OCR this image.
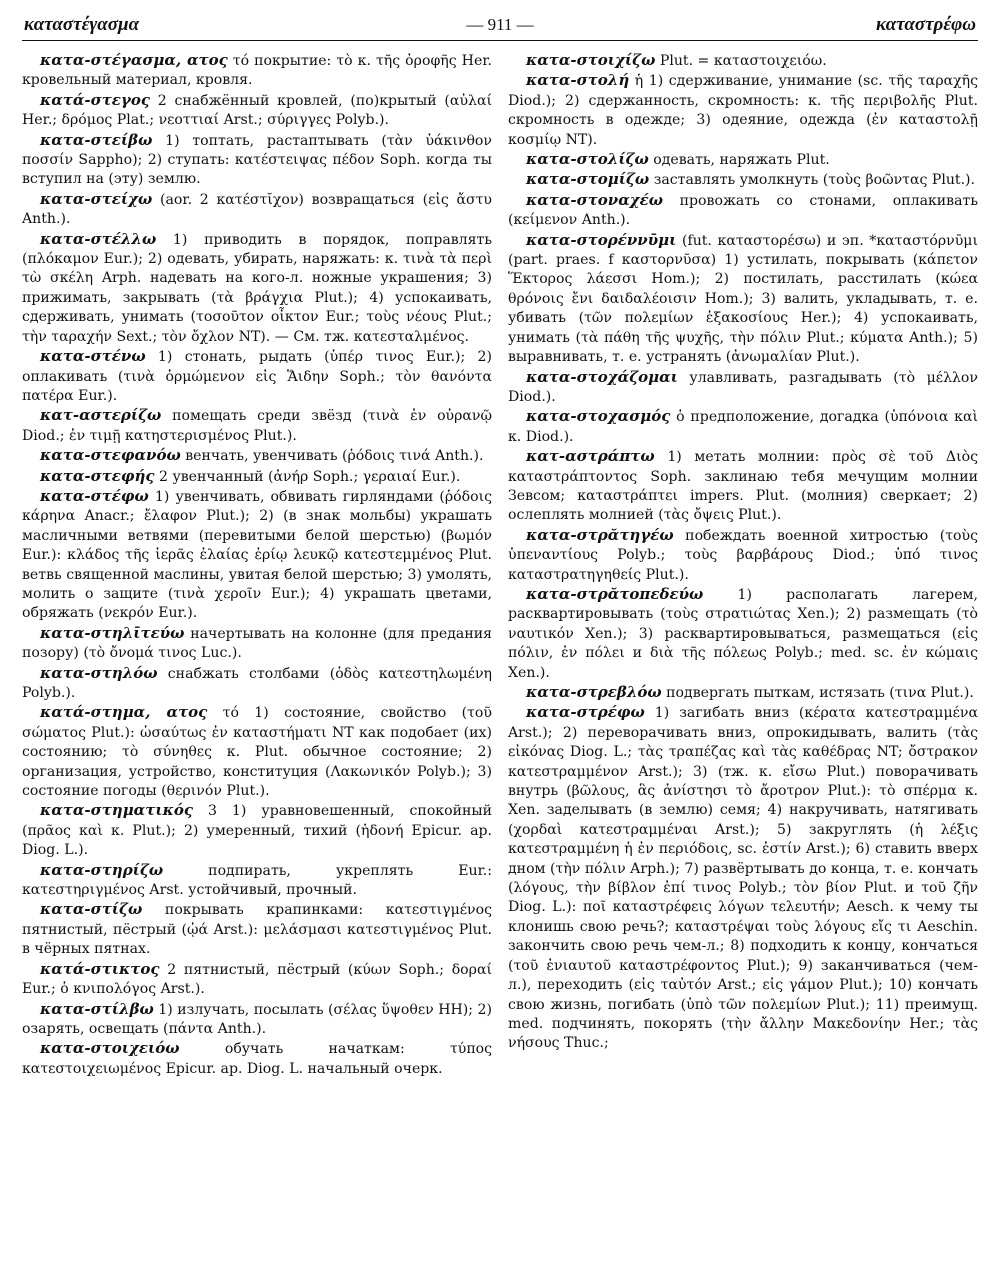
καταστέγασμα	— 911 —	καταστρέφω

κατα-στέγασμα, ατος τό покрытие: τὸ κ. τῆς ὀροφῆς Her. кровельный материал, кровля.

κατά-στεγος 2 снабжённый кровлей, (по)крытый (αὐλαί Her.; δρόμος Plat.; νεοττιαί Arst.; σύριγγες Polyb.).

κατα-στείβω 1) топтать, растаптывать (τὰν ὑάκινθον ποσσίν Sappho); 2) ступать: κατέστειψας πέδον Soph. когда ты вступил на (эту) землю.

κατα-στείχω (aor. 2 κατέστῐχον) возвращаться (εἰς ἄστυ Anth.).

κατα-στέλλω 1) приводить в порядок, поправлять (πλόκαμον Eur.); 2) одевать, убирать, наряжать: κ. τινὰ τὰ περὶ τὼ σκέλη Arph. надевать на кого-л. ножные украшения; 3) прижимать, закрывать (τὰ βράγχια Plut.); 4) успокаивать, сдерживать, унимать (τοσοῦτον οἶκτον Eur.; τοὺς νέους Plut.; τὴν ταραχήν Sext.; τὸν ὄχλον NT). — См. тж. κατεσταλμένος.

κατα-στένω 1) стонать, рыдать (ὑπέρ τινος Eur.); 2) оплакивать (τινὰ ὁρμώμενον εἰς Ἅιδην Soph.; τὸν θανόντα πατέρα Eur.).

κατ-αστερίζω помещать среди звёзд (τινὰ ἐν οὐρανῷ Diod.; ἐν τιμῇ κατηστερισμένος Plut.).

κατα-στεφανόω венчать, увенчивать (ῥόδοις τινά Anth.).

κατα-στεφής 2 увенчанный (ἀνήρ Soph.; γεραιαί Eur.).

κατα-στέφω 1) увенчивать, обвивать гирляндами (ῥόδοις κάρηνα Anacr.; ἔλαφον Plut.); 2) (в знак мольбы) украшать масличными ветвями (перевитыми белой шерстью) (βωμόν Eur.): κλάδος τῆς ἱερᾶς ἐλαίας ἐρίῳ λευκῷ κατεστεμμένος Plut. ветвь священной маслины, увитая белой шерстью; 3) умолять, молить о защите (τινὰ χεροῖν Eur.); 4) украшать цветами, обряжать (νεκρόν Eur.).

κατα-στηλῑτεύω начертывать на колонне (для предания позору) (τὸ ὄνομά τινος Luc.).

κατα-στηλόω снабжать столбами (ὁδὸς κατεστηλωμένη Polyb.).

κατά-στημα, ατος τό 1) состояние, свойство (τοῦ σώματος Plut.): ὡσαύτως ἐν καταστήματι NT как подобает (их) состоянию; τὸ σύνηθες κ. Plut. обычное состояние; 2) организация, устройство, конституция (Λακωνικόν Polyb.); 3) состояние погоды (θερινόν Plut.).

κατα-στηματικός 3 1) уравновешенный, спокойный (πρᾶος καὶ κ. Plut.); 2) умеренный, тихий (ἡδονή Epicur. ap. Diog. L.).

κατα-στηρίζω подпирать, укреплять Eur.: κατεστηριγμένος Arst. устойчивый, прочный.

κατα-στίζω покрывать крапинками: κατεστιγμένος пятнистый, пёстрый (ᾠά Arst.): μελάσμασι κατεστιγμένος Plut. в чёрных пятнах.

κατά-στικτος 2 пятнистый, пёстрый (κύων Soph.; δοραί Eur.; ὁ κνιπολόγος Arst.).

κατα-στίλβω 1) излучать, посылать (σέλας ὕψοθεν HH); 2) озарять, освещать (πάντα Anth.).

κατα-στοιχειόω обучать начаткам: τύπος κατεστοιχειωμένος Epicur. ap. Diog. L. начальный очерк.

κατα-στοιχίζω Plut. = καταστοιχειόω.

κατα-στολή ἡ 1) сдерживание, унимание (sc. τῆς ταραχῆς Diod.); 2) сдержанность, скромность: κ. τῆς περιβολῆς Plut. скромность в одежде; 3) одеяние, одежда (ἐν καταστολῇ κοσμίῳ NT).

κατα-στολίζω одевать, наряжать Plut.

κατα-στομίζω заставлять умолкнуть (τοὺς βοῶντας Plut.).

κατα-στοναχέω провожать со стонами, оплакивать (κείμενον Anth.).

κατα-στορέννῡμι (fut. καταστορέσω) и эп. *καταστόρνῡμι (part. praes. f καστορνῦσα) 1) устилать, покрывать (κάπετον Ἕκτορος λάεσσι Hom.); 2) постилать, расстилать (κώεα θρόνοις ἔνι δαιδαλέοισιν Hom.); 3) валить, укладывать, т. е. убивать (τῶν πολεμίων ἑξακοσίους Her.); 4) успокаивать, унимать (τὰ πάθη τῆς ψυχῆς, τὴν πόλιν Plut.; κύματα Anth.); 5) выравнивать, т. е. устранять (ἀνωμαλίαν Plut.).

κατα-στοχάζομαι улавливать, разгадывать (τὸ μέλλον Diod.).

κατα-στοχασμός ὁ предположение, догадка (ὑπόνοια καὶ κ. Diod.).

κατ-αστράπτω 1) метать молнии: πρὸς σὲ τοῦ Διὸς καταστράπτοντος Soph. заклинаю тебя мечущим молнии Зевсом; καταστράπτει impers. Plut. (молния) сверкает; 2) ослеплять молнией (τὰς ὄψεις Plut.).

κατα-στρᾰτηγέω побеждать военной хитростью (τοὺς ὑπεναντίους Polyb.; τοὺς βαρβάρους Diod.; ὑπό τινος καταστρατηγηθείς Plut.).

κατα-στρᾰτοπεδεύω 1) располагать лагерем, расквартировывать (τοὺς στρατιώτας Xen.); 2) размещать (τὸ ναυτικόν Xen.); 3) расквартировываться, размещаться (εἰς πόλιν, ἐν πόλει и διὰ τῆς πόλεως Polyb.; med. sc. ἐν κώμαις Xen.).

κατα-στρεβλόω подвергать пыткам, истязать (τινα Plut.).

κατα-στρέφω 1) загибать вниз (κέρατα κατεστραμμένα Arst.); 2) переворачивать вниз, опрокидывать, валить (τὰς εἰκόνας Diog. L.; τὰς τραπέζας καὶ τὰς καθέδρας NT; ὄστρακον κατεστραμμένον Arst.); 3) (тж. κ. εἴσω Plut.) поворачивать внутрь (βῶλους, ἃς ἀνίστησι τὸ ἄροτρον Plut.): τὸ σπέρμα κ. Xen. заделывать (в землю) семя; 4) накручивать, натягивать (χορδαὶ κατεστραμμέναι Arst.); 5) закруглять (ἡ λέξις κατεστραμμένη ἡ ἐν περιόδοις, sc. ἐστίν Arst.); 6) ставить вверх дном (τὴν πόλιν Arph.); 7) развёртывать до конца, т. е. кончать (λόγους, τὴν βίβλον ἐπί τινος Polyb.; τὸν βίον Plut. и τοῦ ζῆν Diog. L.): ποῖ καταστρέφεις λόγων τελευτήν; Aesch. к чему ты клонишь свою речь?; καταστρέψαι τοὺς λόγους εἴς τι Aeschin. закончить свою речь чем-л.; 8) подходить к концу, кончаться (τοῦ ἐνιαυτοῦ καταστρέφοντος Plut.); 9) заканчиваться (чем-л.), переходить (εἰς ταὐτόν Arst.; εἰς γάμον Plut.); 10) кончать свою жизнь, погибать (ὑπὸ τῶν πολεμίων Plut.); 11) преимущ. med. подчинять, покорять (τὴν ἄλλην Μακεδονίην Her.; τὰς νήσους Thuc.;
